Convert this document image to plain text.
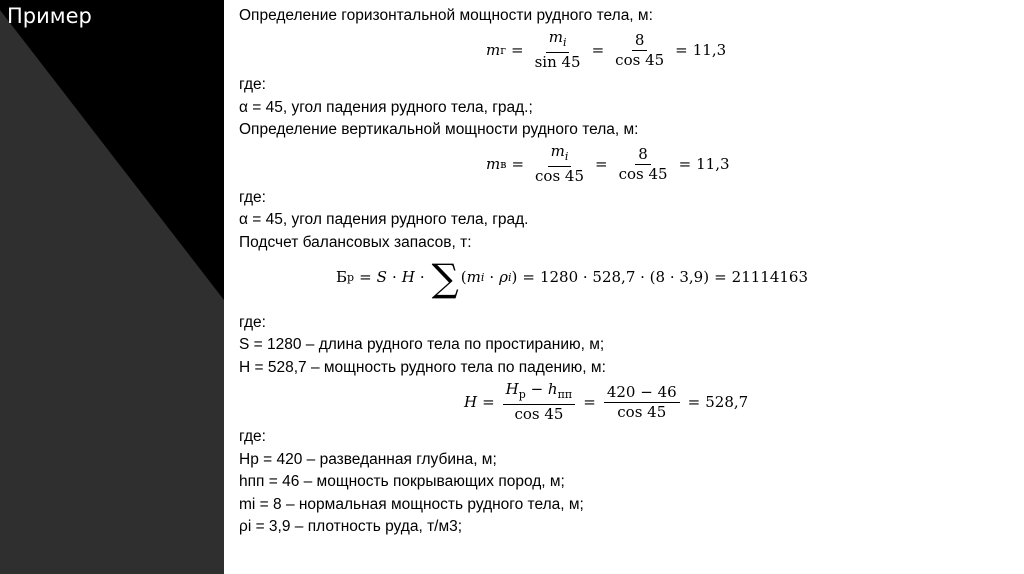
Пример	Определение горизонтальной мощности рудного тела, м:
m $г = \frac{m_i}{\sin 45} = \frac{8}{\cos 45} = 11,3$
где:
α = 45, угол падения рудного тела, град.;
Определение вертикальной мощности рудного тела, м:
m $в = \frac{m_i}{\cos 45} = \frac{8}{\cos 45} = 11,3$
где:
α = 45, угол падения рудного тела, град.
Подсчет балансовых запасов, т:
Б р = S · H · ∑ ( m i · ρ i ) = 1280 · 528,7 · (8 · 3,9) = 21114163
где:
S = 1280 – длина рудного тела по простиранию, м;
H = 528,7 – мощность рудного тела по падению, м:
$H = \frac{H_р - h_{пп}}{\cos 45} = \frac{420 - 46}{\cos 45} = 528,7$
где:
Hp = 420 – разведанная глубина, м;
hпп = 46 – мощность покрывающих пород, м;
mi = 8 – нормальная мощность рудного тела, м;
ρi = 3,9 – плотность руда, т/м3;
